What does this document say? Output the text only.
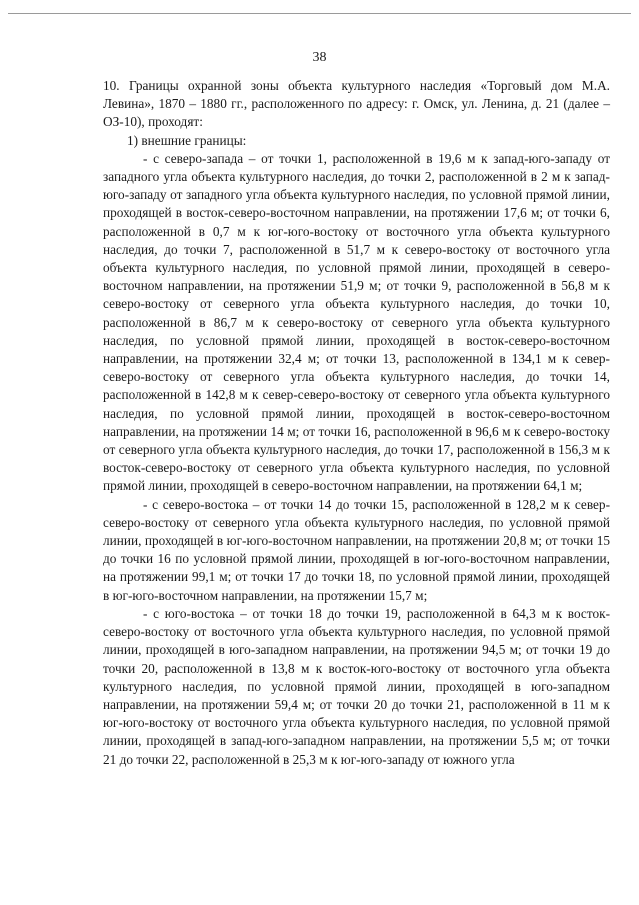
38

10. Границы охранной зоны объекта культурного наследия «Торговый дом М.А. Левина», 1870 – 1880 гг., расположенного по адресу: г. Омск, ул. Ленина, д. 21 (далее – ОЗ-10), проходят:

1) внешние границы:

- с северо-запада – от точки 1, расположенной в 19,6 м к запад-юго-западу от западного угла объекта культурного наследия, до точки 2, расположенной в 2 м к запад-юго-западу от западного угла объекта культурного наследия, по условной прямой линии, проходящей в восток-северо-восточном направлении, на протяжении 17,6 м; от точки 6, расположенной в 0,7 м к юг-юго-востоку от восточного угла объекта культурного наследия, до точки 7, расположенной в 51,7 м к северо-востоку от восточного угла объекта культурного наследия, по условной прямой линии, проходящей в северо-восточном направлении, на протяжении 51,9 м; от точки 9, расположенной в 56,8 м к северо-востоку от северного угла объекта культурного наследия, до точки 10, расположенной в 86,7 м к северо-востоку от северного угла объекта культурного наследия, по условной прямой линии, проходящей в восток-северо-восточном направлении, на протяжении 32,4 м; от точки 13, расположенной в 134,1 м к север-северо-востоку от северного угла объекта культурного наследия, до точки 14, расположенной в 142,8 м к север-северо-востоку от северного угла объекта культурного наследия, по условной прямой линии, проходящей в восток-северо-восточном направлении, на протяжении 14 м; от точки 16, расположенной в 96,6 м к северо-востоку от северного угла объекта культурного наследия, до точки 17, расположенной в 156,3 м к восток-северо-востоку от северного угла объекта культурного наследия, по условной прямой линии, проходящей в северо-восточном направлении, на протяжении 64,1 м;

- с северо-востока – от точки 14 до точки 15, расположенной в 128,2 м к север-северо-востоку от северного угла объекта культурного наследия, по условной прямой линии, проходящей в юг-юго-восточном направлении, на протяжении 20,8 м; от точки 15 до точки 16 по условной прямой линии, проходящей в юг-юго-восточном направлении, на протяжении 99,1 м; от точки 17 до точки 18, по условной прямой линии, проходящей в юг-юго-восточном направлении, на протяжении 15,7 м;

- с юго-востока – от точки 18 до точки 19, расположенной в 64,3 м к восток-северо-востоку от восточного угла объекта культурного наследия, по условной прямой линии, проходящей в юго-западном направлении, на протяжении 94,5 м; от точки 19 до точки 20, расположенной в 13,8 м к восток-юго-востоку от восточного угла объекта культурного наследия, по условной прямой линии, проходящей в юго-западном направлении, на протяжении 59,4 м; от точки 20 до точки 21, расположенной в 11 м к юг-юго-востоку от восточного угла объекта культурного наследия, по условной прямой линии, проходящей в запад-юго-западном направлении, на протяжении 5,5 м; от точки 21 до точки 22, расположенной в 25,3 м к юг-юго-западу от южного угла
